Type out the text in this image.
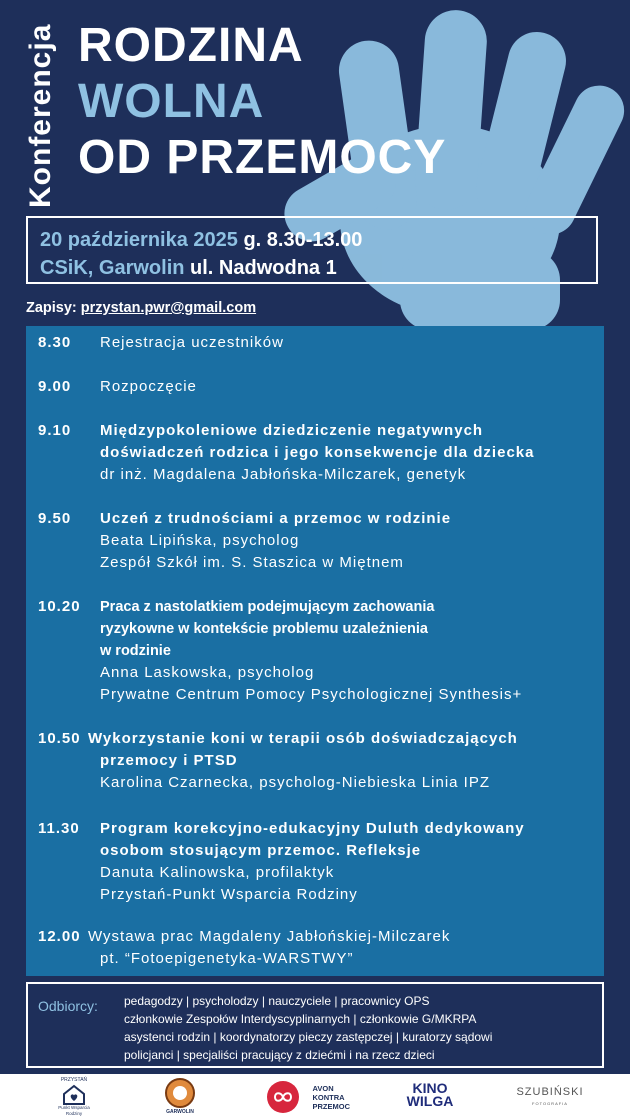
Konferencja RODZINA
WOLNA
OD PRZEMOCY
20 października 2025 g. 8.30-13.00
CSiK, Garwolin ul. Nadwodna 1
Zapisy: przystan.pwr@gmail.com
8.30 Rejestracja uczestników
9.00 Rozpoczęcie
9.10 Międzypokoleniowe dziedziczenie negatywnych
doświadczeń rodzica i jego konsekwencje dla dziecka
dr inż. Magdalena Jabłońska-Milczarek, genetyk
9.50 Uczeń z trudnościami a przemoc w rodzinie
Beata Lipińska, psycholog
Zespół Szkół im. S. Staszica w Miętnem
10.20 Praca z nastolatkiem podejmującym zachowania
ryzykowne w kontekście problemu uzależnienia
w rodzinie
Anna Laskowska, psycholog
Prywatne Centrum Pomocy Psychologicznej Synthesis+
10.50 Wykorzystanie koni w terapii osób doświadczających
przemocy i PTSD
Karolina Czarnecka, psycholog-Niebieska Linia IPZ
11.30 Program korekcyjno-edukacyjny Duluth dedykowany
osobom stosującym przemoc. Refleksje
Danuta Kalinowska, profilaktyk
Przystań-Punkt Wsparcia Rodziny
12.00 Wystawa prac Magdaleny Jabłońskiej-Milczarek
pt. “Fotoepigenetyka-WARSTWY”
Odbiorcy: pedagodzy | psycholodzy | nauczyciele | pracownicy OPS
członkowie Zespołów Interdyscyplinarnych | członkowie G/MKRPA
asystenci rodzin | koordynatorzy pieczy zastępczej | kuratorzy sądowi
policjanci | specjaliści pracujący z dziećmi i na rzecz dzieci
PRZYSTAŃ
Punkt Wsparcia Rodziny	GARWOLIN
AVON
KONTRA
PRZEMOC
KINO
WILGA
SZUBIŃSKI
FOTOGRAFIA
